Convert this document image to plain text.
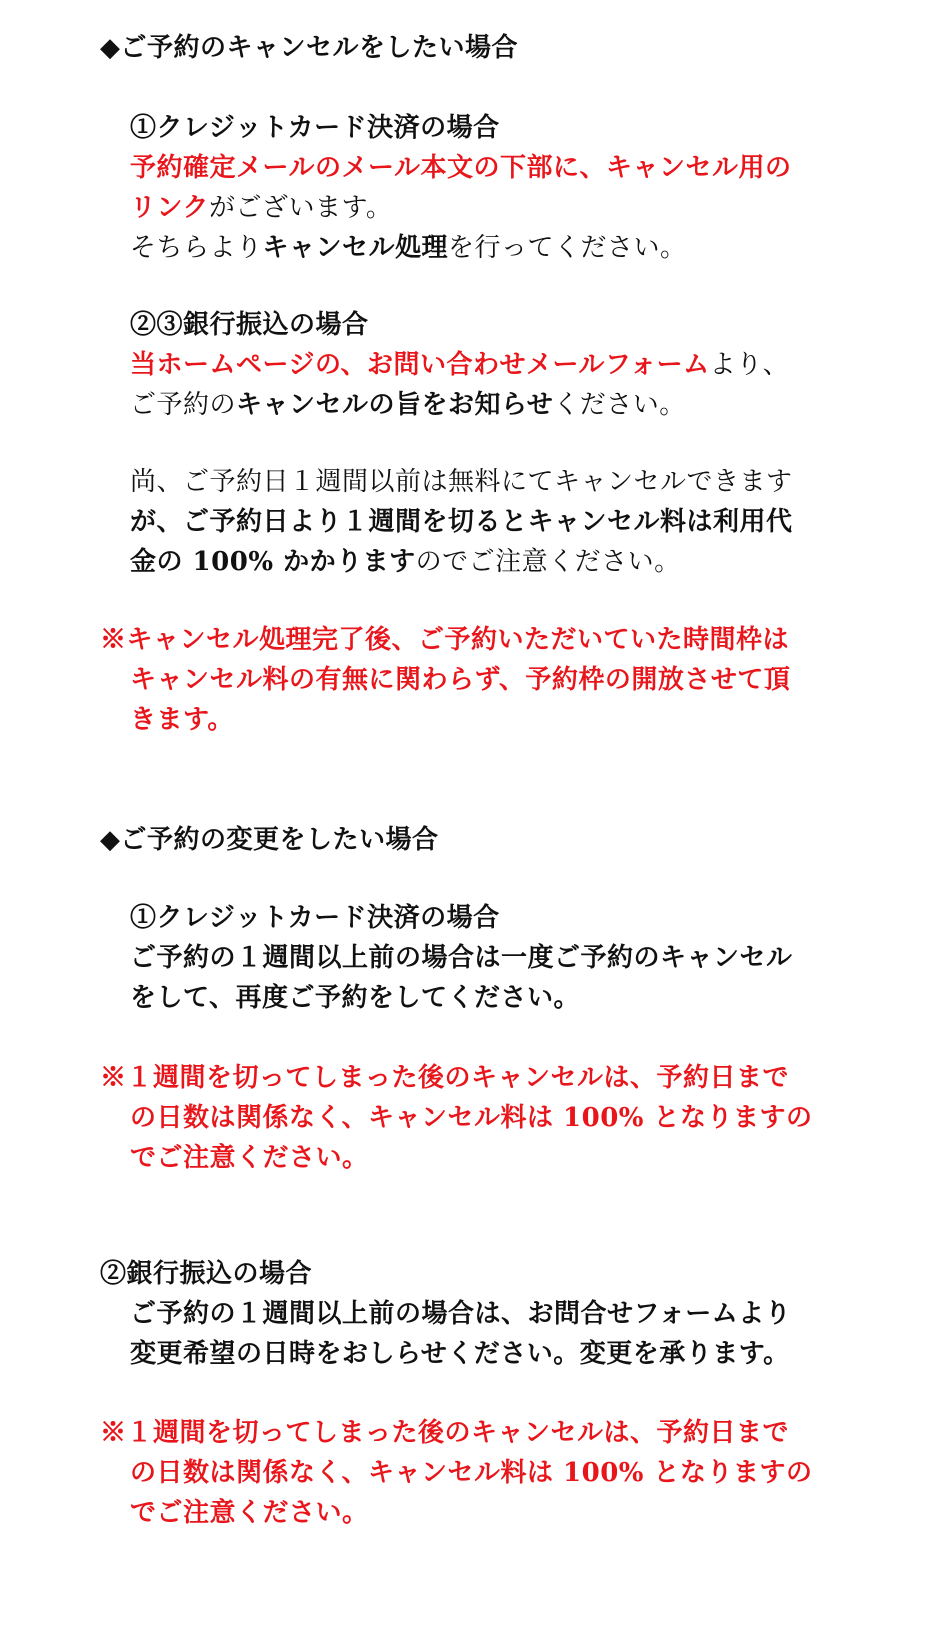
◆ご予約のキャンセルをしたい場合
①クレジットカード決済の場合
予約確定メールのメール本文の下部に、キャンセル用の
リンクがございます。
そちらよりキャンセル処理を行ってください。
②③銀行振込の場合
当ホームページの、お問い合わせメールフォームより、
ご予約のキャンセルの旨をお知らせください。
尚、ご予約日１週間以前は無料にてキャンセルできます
が、ご予約日より１週間を切るとキャンセル料は利用代
金の 100% かかりますのでご注意ください。
※キャンセル処理完了後、ご予約いただいていた時間枠は
キャンセル料の有無に関わらず、予約枠の開放させて頂
きます。
◆ご予約の変更をしたい場合
①クレジットカード決済の場合
ご予約の１週間以上前の場合は一度ご予約のキャンセル
をして、再度ご予約をしてください。
※１週間を切ってしまった後のキャンセルは、予約日まで
の日数は関係なく、キャンセル料は 100% となりますの
でご注意ください。
②銀行振込の場合
ご予約の１週間以上前の場合は、お問合せフォームより
変更希望の日時をおしらせください。変更を承ります。
※１週間を切ってしまった後のキャンセルは、予約日まで
の日数は関係なく、キャンセル料は 100% となりますの
でご注意ください。
